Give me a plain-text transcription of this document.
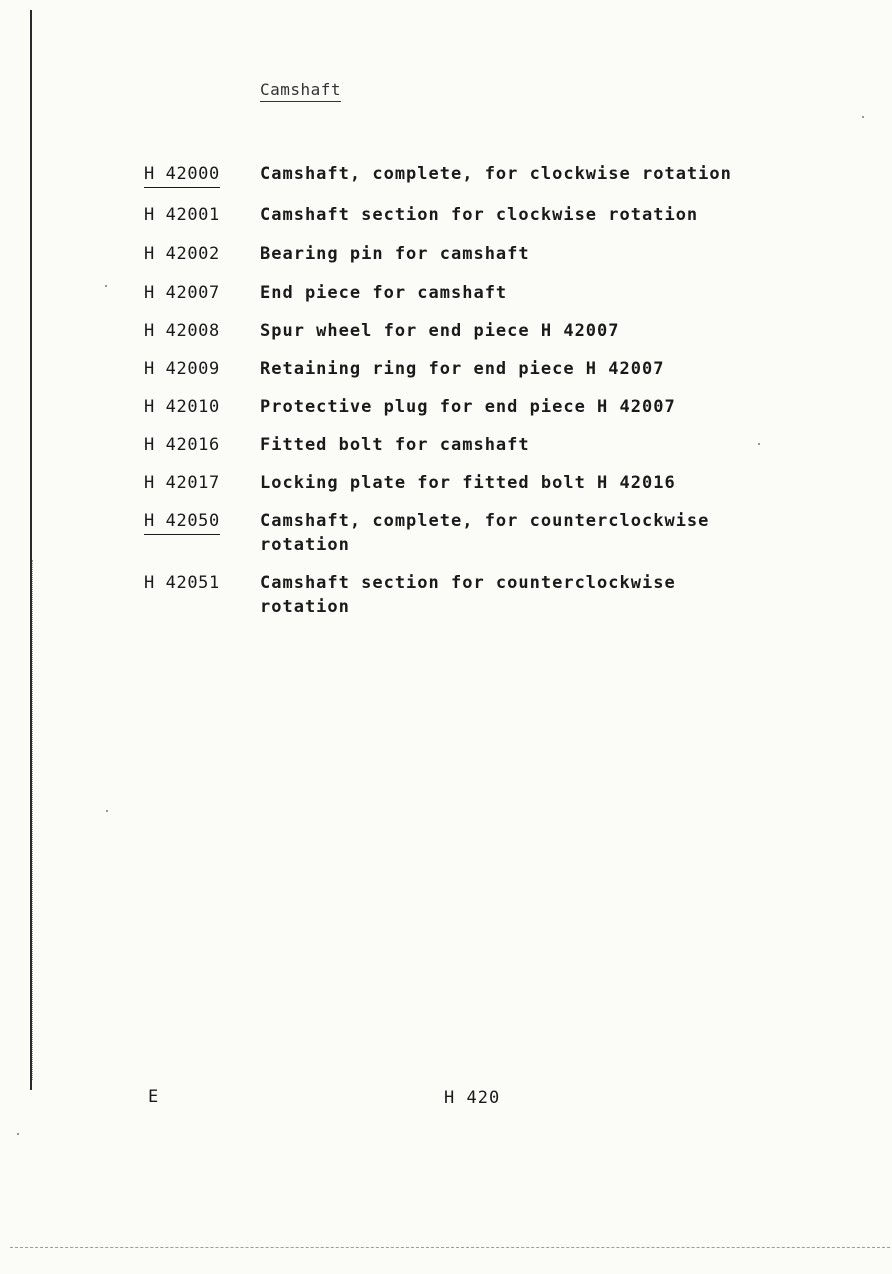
Camshaft
H 42000	Camshaft, complete, for clockwise rotation
H 42001	Camshaft section for clockwise rotation
H 42002	Bearing pin for camshaft
H 42007	End piece for camshaft
H 42008	Spur wheel for end piece H 42007
H 42009	Retaining ring for end piece H 42007
H 42010	Protective plug for end piece H 42007
H 42016	Fitted bolt for camshaft
H 42017	Locking plate for fitted bolt H 42016
H 42050	Camshaft, complete, for counterclockwise
rotation
H 42051	Camshaft section for counterclockwise
rotation
E	H 420
